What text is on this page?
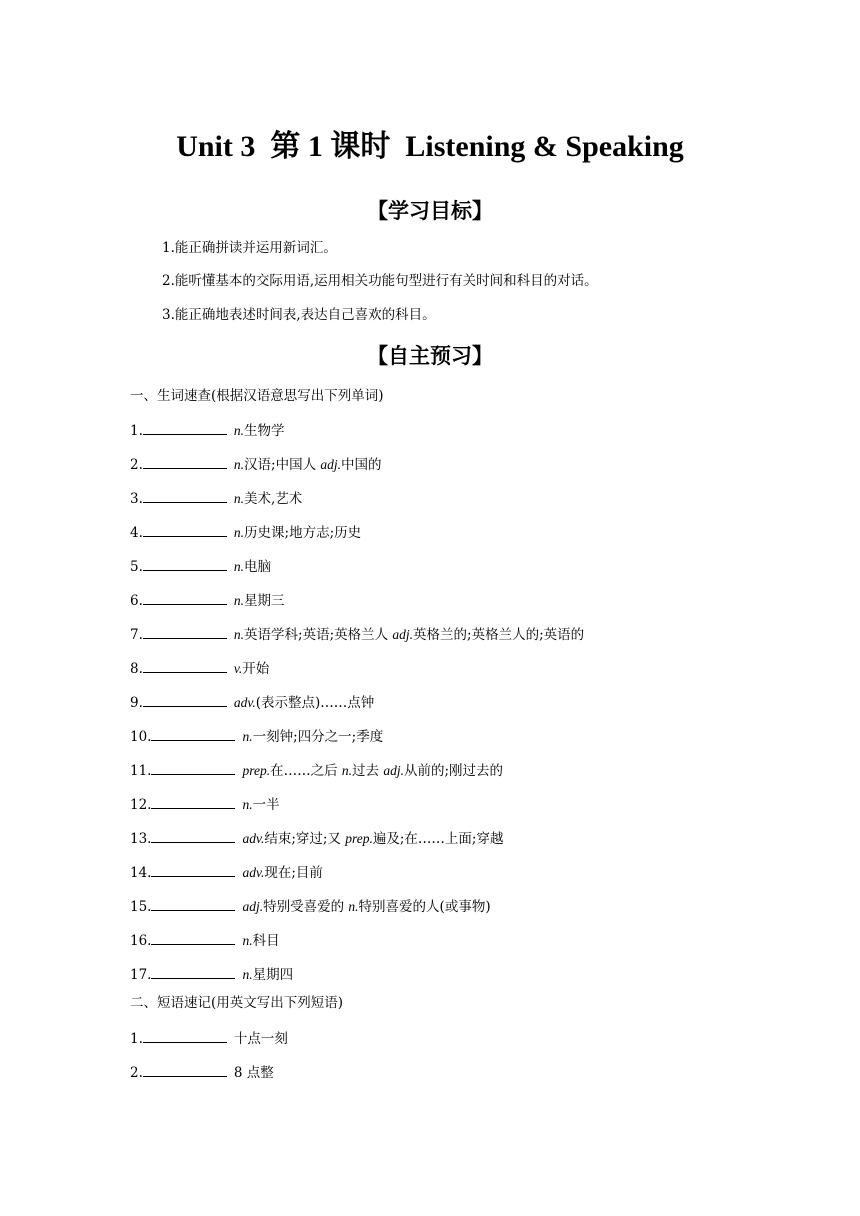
Unit 3  第 1 课时  Listening & Speaking
【学习目标】
1.能正确拼读并运用新词汇。
2.能听懂基本的交际用语,运用相关功能句型进行有关时间和科目的对话。
3.能正确地表述时间表,表达自己喜欢的科目。
【自主预习】
一、生词速查(根据汉语意思写出下列单词)
1.	n.生物学
2.	n.汉语;中国人 adj.中国的
3.	n.美术,艺术
4.	n.历史课;地方志;历史
5.	n.电脑
6.	n.星期三
7.	n.英语学科;英语;英格兰人 adj.英格兰的;英格兰人的;英语的
8.	v.开始
9.	adv.(表示整点)……点钟
10.	n.一刻钟;四分之一;季度
11.	prep.在……之后 n.过去 adj.从前的;刚过去的
12.	n.一半
13.	adv.结束;穿过;又 prep.遍及;在……上面;穿越
14.	adv.现在;目前
15.	adj.特别受喜爱的 n.特别喜爱的人(或事物)
16.	n.科目
17.	n.星期四
二、短语速记(用英文写出下列短语)
1.	十点一刻
2.	8 点整
